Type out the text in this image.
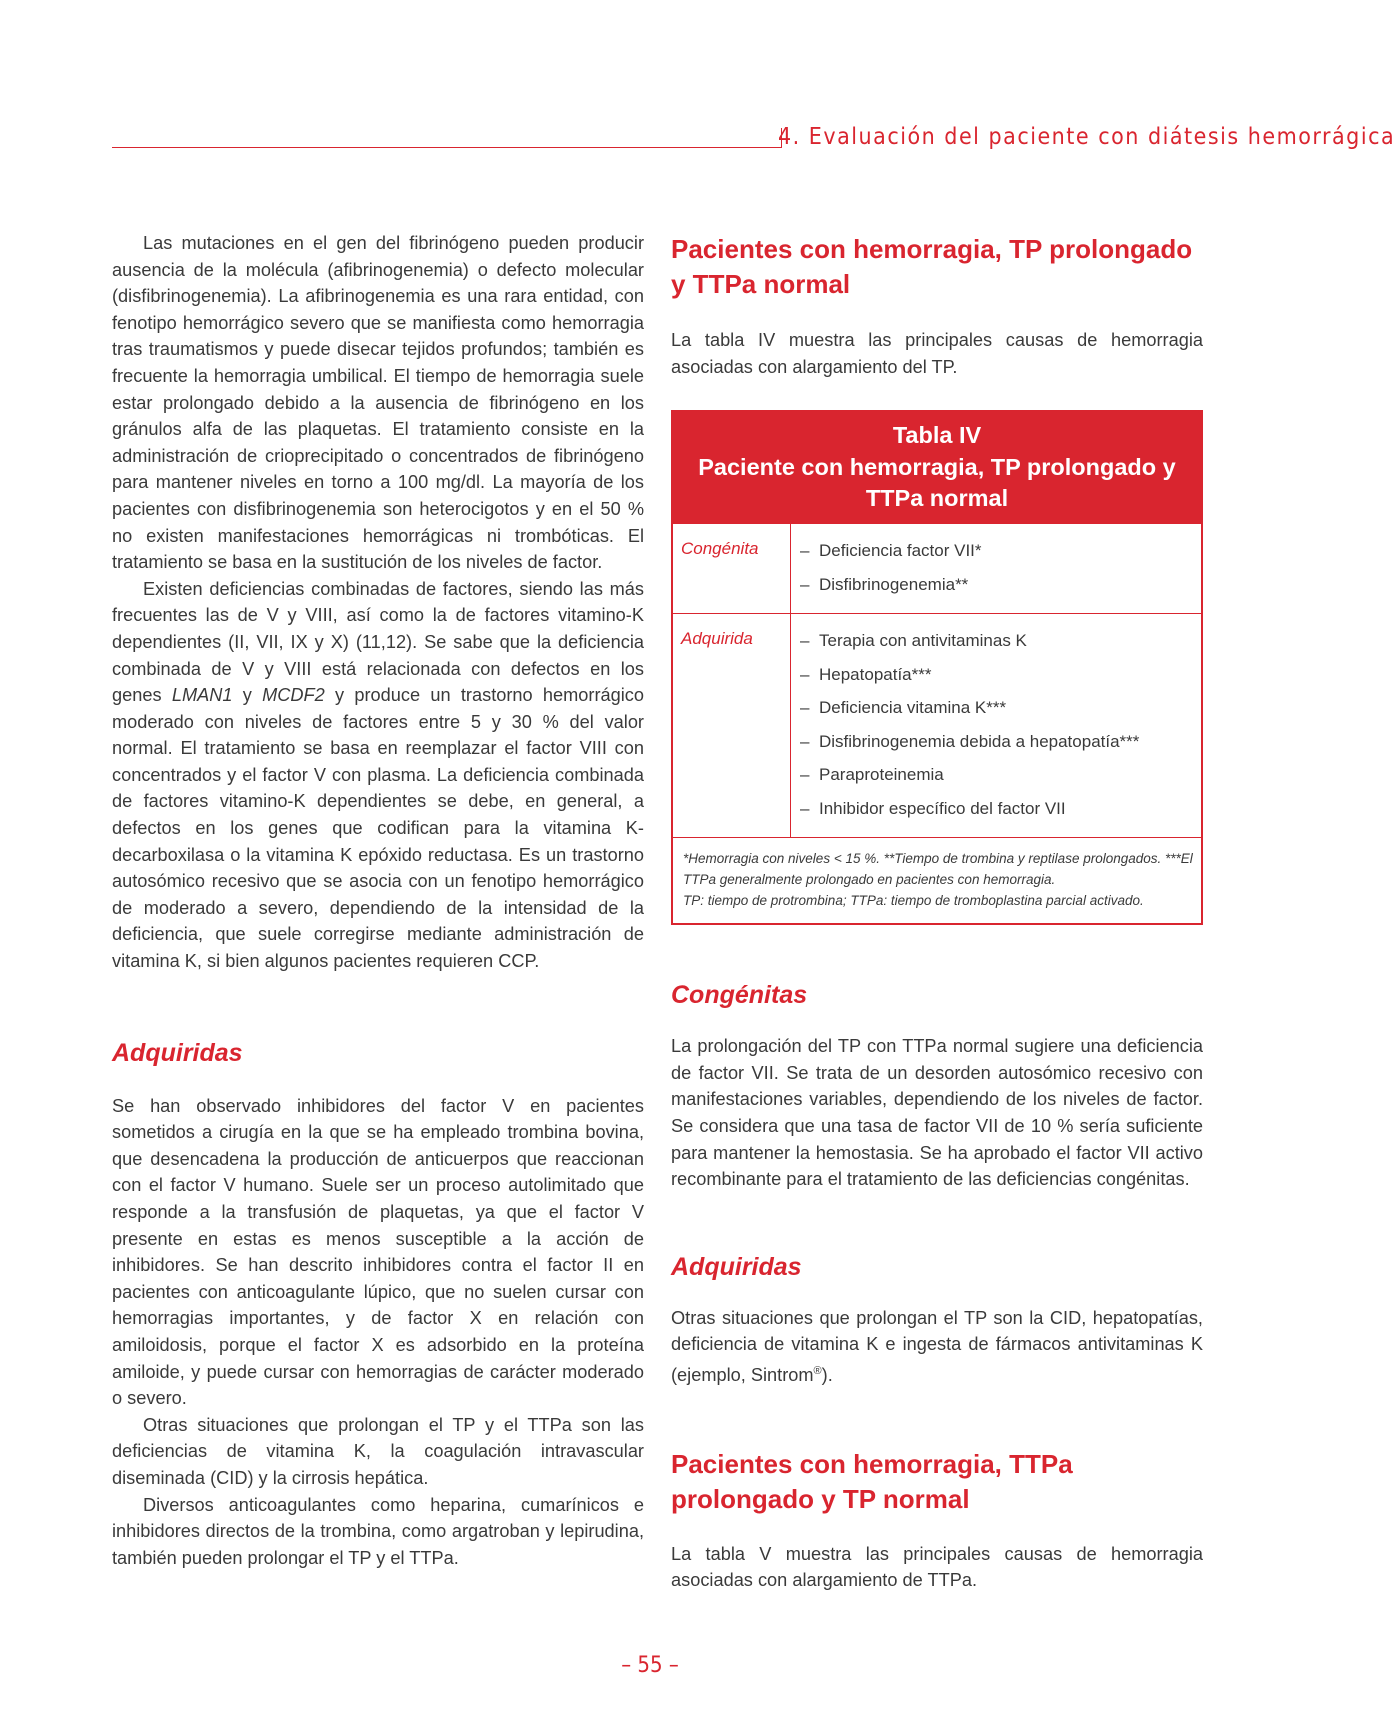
4. Evaluación del paciente con diátesis hemorrágica

Las mutaciones en el gen del fibrinógeno pueden producir ausencia de la molécula (afibrinogenemia) o defecto molecular (disfibrinogenemia). La afibrinogenemia es una rara entidad, con fenotipo hemorrágico severo que se manifiesta como hemorragia tras traumatismos y puede disecar tejidos profundos; también es frecuente la hemorragia umbilical. El tiempo de hemorragia suele estar prolongado debido a la ausencia de fibrinógeno en los gránulos alfa de las plaquetas. El tratamiento consiste en la administración de crioprecipitado o concentrados de fibrinógeno para mantener niveles en torno a 100 mg/dl. La mayoría de los pacientes con disfibrinogenemia son heterocigotos y en el 50 % no existen manifestaciones hemorrágicas ni trombóticas. El tratamiento se basa en la sustitución de los niveles de factor.

Existen deficiencias combinadas de factores, siendo las más frecuentes las de V y VIII, así como la de factores vitamino-K dependientes (II, VII, IX y X) (11,12). Se sabe que la deficiencia combinada de V y VIII está relacionada con defectos en los genes LMAN1 y MCDF2 y produce un trastorno hemorrágico moderado con niveles de factores entre 5 y 30 % del valor normal. El tratamiento se basa en reemplazar el factor VIII con concentrados y el factor V con plasma. La deficiencia combinada de factores vitamino-K dependientes se debe, en general, a defectos en los genes que codifican para la vitamina K-decarboxilasa o la vitamina K epóxido reductasa. Es un trastorno autosómico recesivo que se asocia con un fenotipo hemorrágico de moderado a severo, dependiendo de la intensidad de la deficiencia, que suele corregirse mediante administración de vitamina K, si bien algunos pacientes requieren CCP.

Adquiridas

Se han observado inhibidores del factor V en pacientes sometidos a cirugía en la que se ha empleado trombina bovina, que desencadena la producción de anticuerpos que reaccionan con el factor V humano. Suele ser un proceso autolimitado que responde a la transfusión de plaquetas, ya que el factor V presente en estas es menos susceptible a la acción de inhibidores. Se han descrito inhibidores contra el factor II en pacientes con anticoagulante lúpico, que no suelen cursar con hemorragias importantes, y de factor X en relación con amiloidosis, porque el factor X es adsorbido en la proteína amiloide, y puede cursar con hemorragias de carácter moderado o severo.

Otras situaciones que prolongan el TP y el TTPa son las deficiencias de vitamina K, la coagulación intravascular diseminada (CID) y la cirrosis hepática.

Diversos anticoagulantes como heparina, cumarínicos e inhibidores directos de la trombina, como argatroban y lepirudina, también pueden prolongar el TP y el TTPa.

Pacientes con hemorragia, TP prolongado y TTPa normal

La tabla IV muestra las principales causas de hemorragia asociadas con alargamiento del TP.

Tabla IV
Paciente con hemorragia, TP prolongado y TTPa normal
Congénita	– Deficiencia factor VII*
– Disfibrinogenemia**
Adquirida	– Terapia con antivitaminas K
– Hepatopatía***
– Deficiencia vitamina K***
– Disfibrinogenemia debida a hepatopatía***
– Paraproteinemia
– Inhibidor específico del factor VII
*Hemorragia con niveles < 15 %. **Tiempo de trombina y reptilase prolongados. ***El TTPa generalmente prolongado en pacientes con hemorragia.
TP: tiempo de protrombina; TTPa: tiempo de tromboplastina parcial activado.
Congénitas

La prolongación del TP con TTPa normal sugiere una deficiencia de factor VII. Se trata de un desorden autosómico recesivo con manifestaciones variables, dependiendo de los niveles de factor. Se considera que una tasa de factor VII de 10 % sería suficiente para mantener la hemostasia. Se ha aprobado el factor VII activo recombinante para el tratamiento de las deficiencias congénitas.

Adquiridas

Otras situaciones que prolongan el TP son la CID, hepatopatías, deficiencia de vitamina K e ingesta de fármacos antivitaminas K (ejemplo, Sintrom®).

Pacientes con hemorragia, TTPa prolongado y TP normal

La tabla V muestra las principales causas de hemorragia asociadas con alargamiento de TTPa.

– 55 –
